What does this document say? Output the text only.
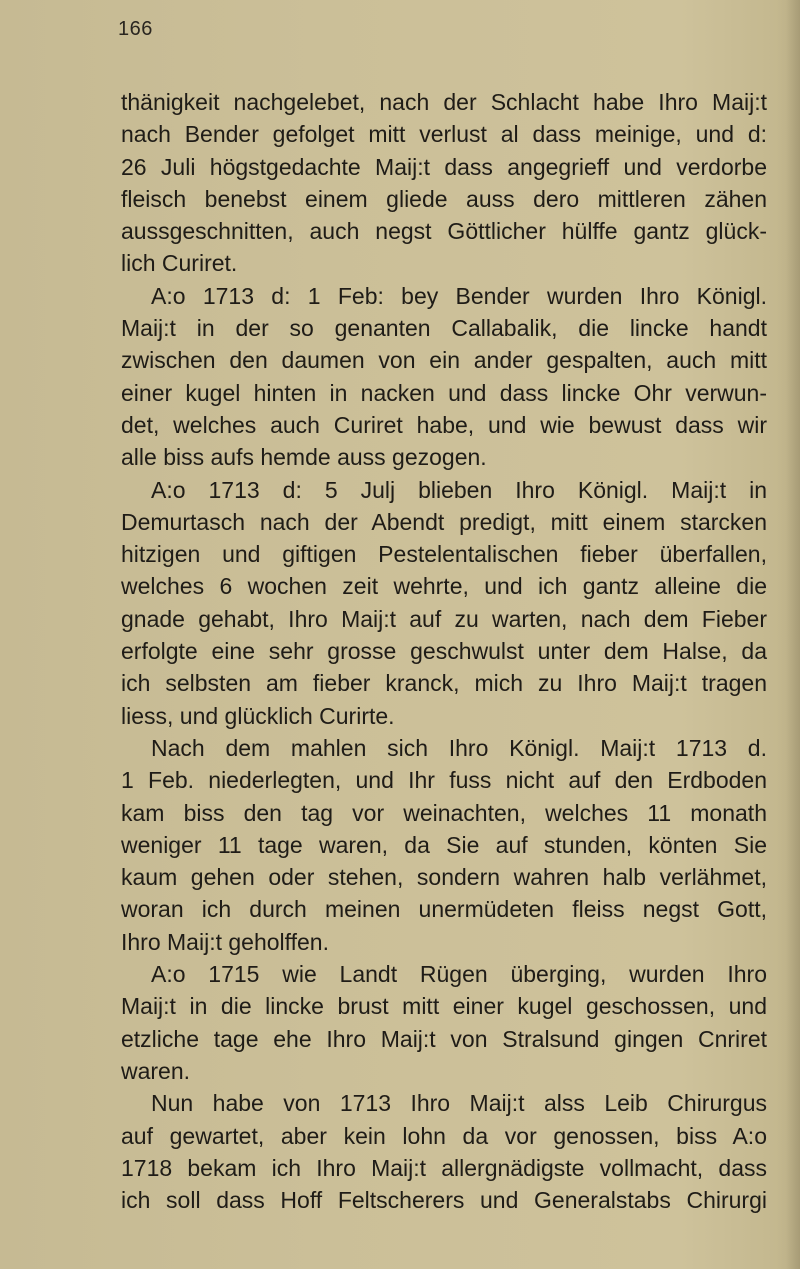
166
thänigkeit nachgelebet, nach der Schlacht habe Ihro Maij:t
nach Bender gefolget mitt verlust al dass meinige, und d:
26 Juli högstgedachte Maij:t dass angegrieff und verdorbe
fleisch benebst einem gliede auss dero mittleren zähen
aussgeschnitten, auch negst Göttlicher hülffe gantz glück-
lich Curiret.
A:o 1713 d: 1 Feb: bey Bender wurden Ihro Königl.
Maij:t in der so genanten Callabalik, die lincke handt
zwischen den daumen von ein ander gespalten, auch mitt
einer kugel hinten in nacken und dass lincke Ohr verwun-
det, welches auch Curiret habe, und wie bewust dass wir
alle biss aufs hemde auss gezogen.
A:o 1713 d: 5 Julj blieben Ihro Königl. Maij:t in
Demurtasch nach der Abendt predigt, mitt einem starcken
hitzigen und giftigen Pestelentalischen fieber überfallen,
welches 6 wochen zeit wehrte, und ich gantz alleine die
gnade gehabt, Ihro Maij:t auf zu warten, nach dem Fieber
erfolgte eine sehr grosse geschwulst unter dem Halse, da
ich selbsten am fieber kranck, mich zu Ihro Maij:t tragen
liess, und glücklich Curirte.
Nach dem mahlen sich Ihro Königl. Maij:t 1713 d.
1 Feb. niederlegten, und Ihr fuss nicht auf den Erdboden
kam biss den tag vor weinachten, welches 11 monath
weniger 11 tage waren, da Sie auf stunden, könten Sie
kaum gehen oder stehen, sondern wahren halb verlähmet,
woran ich durch meinen unermüdeten fleiss negst Gott,
Ihro Maij:t geholffen.
A:o 1715 wie Landt Rügen überging, wurden Ihro
Maij:t in die lincke brust mitt einer kugel geschossen, und
etzliche tage ehe Ihro Maij:t von Stralsund gingen Cnriret
waren.
Nun habe von 1713 Ihro Maij:t alss Leib Chirurgus
auf gewartet, aber kein lohn da vor genossen, biss A:o
1718 bekam ich Ihro Maij:t allergnädigste vollmacht, dass
ich soll dass Hoff Feltscherers und Generalstabs Chirurgi
